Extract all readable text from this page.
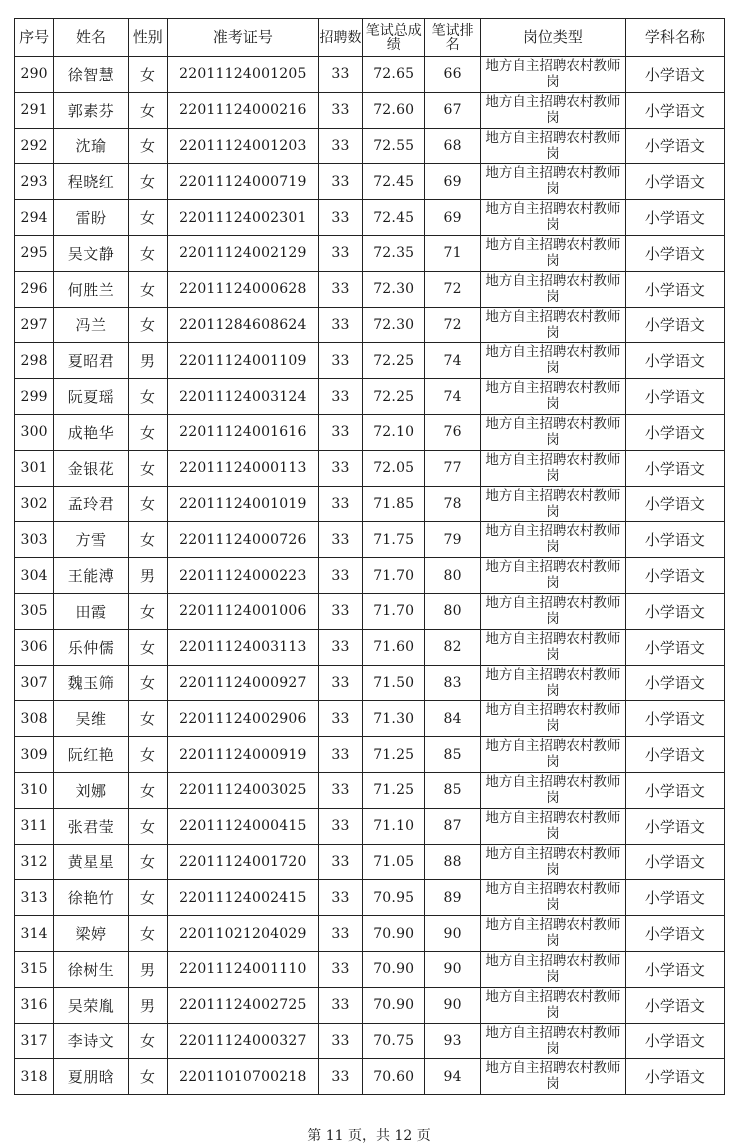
序号	姓名	性别	准考证号	招聘数	笔试总成绩	笔试排名	岗位类型	学科名称
290	徐智慧	女	22011124001205	33	72.65	66	地方自主招聘农村教师岗	小学语文
291	郭素芬	女	22011124000216	33	72.60	67	地方自主招聘农村教师岗	小学语文
292	沈瑜	女	22011124001203	33	72.55	68	地方自主招聘农村教师岗	小学语文
293	程晓红	女	22011124000719	33	72.45	69	地方自主招聘农村教师岗	小学语文
294	雷盼	女	22011124002301	33	72.45	69	地方自主招聘农村教师岗	小学语文
295	吴文静	女	22011124002129	33	72.35	71	地方自主招聘农村教师岗	小学语文
296	何胜兰	女	22011124000628	33	72.30	72	地方自主招聘农村教师岗	小学语文
297	冯兰	女	22011284608624	33	72.30	72	地方自主招聘农村教师岗	小学语文
298	夏昭君	男	22011124001109	33	72.25	74	地方自主招聘农村教师岗	小学语文
299	阮夏瑶	女	22011124003124	33	72.25	74	地方自主招聘农村教师岗	小学语文
300	成艳华	女	22011124001616	33	72.10	76	地方自主招聘农村教师岗	小学语文
301	金银花	女	22011124000113	33	72.05	77	地方自主招聘农村教师岗	小学语文
302	孟玲君	女	22011124001019	33	71.85	78	地方自主招聘农村教师岗	小学语文
303	方雪	女	22011124000726	33	71.75	79	地方自主招聘农村教师岗	小学语文
304	王能溥	男	22011124000223	33	71.70	80	地方自主招聘农村教师岗	小学语文
305	田霞	女	22011124001006	33	71.70	80	地方自主招聘农村教师岗	小学语文
306	乐仲儒	女	22011124003113	33	71.60	82	地方自主招聘农村教师岗	小学语文
307	魏玉筛	女	22011124000927	33	71.50	83	地方自主招聘农村教师岗	小学语文
308	吴维	女	22011124002906	33	71.30	84	地方自主招聘农村教师岗	小学语文
309	阮红艳	女	22011124000919	33	71.25	85	地方自主招聘农村教师岗	小学语文
310	刘娜	女	22011124003025	33	71.25	85	地方自主招聘农村教师岗	小学语文
311	张君莹	女	22011124000415	33	71.10	87	地方自主招聘农村教师岗	小学语文
312	黄星星	女	22011124001720	33	71.05	88	地方自主招聘农村教师岗	小学语文
313	徐艳竹	女	22011124002415	33	70.95	89	地方自主招聘农村教师岗	小学语文
314	梁婷	女	22011021204029	33	70.90	90	地方自主招聘农村教师岗	小学语文
315	徐树生	男	22011124001110	33	70.90	90	地方自主招聘农村教师岗	小学语文
316	吴荣胤	男	22011124002725	33	70.90	90	地方自主招聘农村教师岗	小学语文
317	李诗文	女	22011124000327	33	70.75	93	地方自主招聘农村教师岗	小学语文
318	夏朋晗	女	22011010700218	33	70.60	94	地方自主招聘农村教师岗	小学语文
第 11 页，共 12 页
